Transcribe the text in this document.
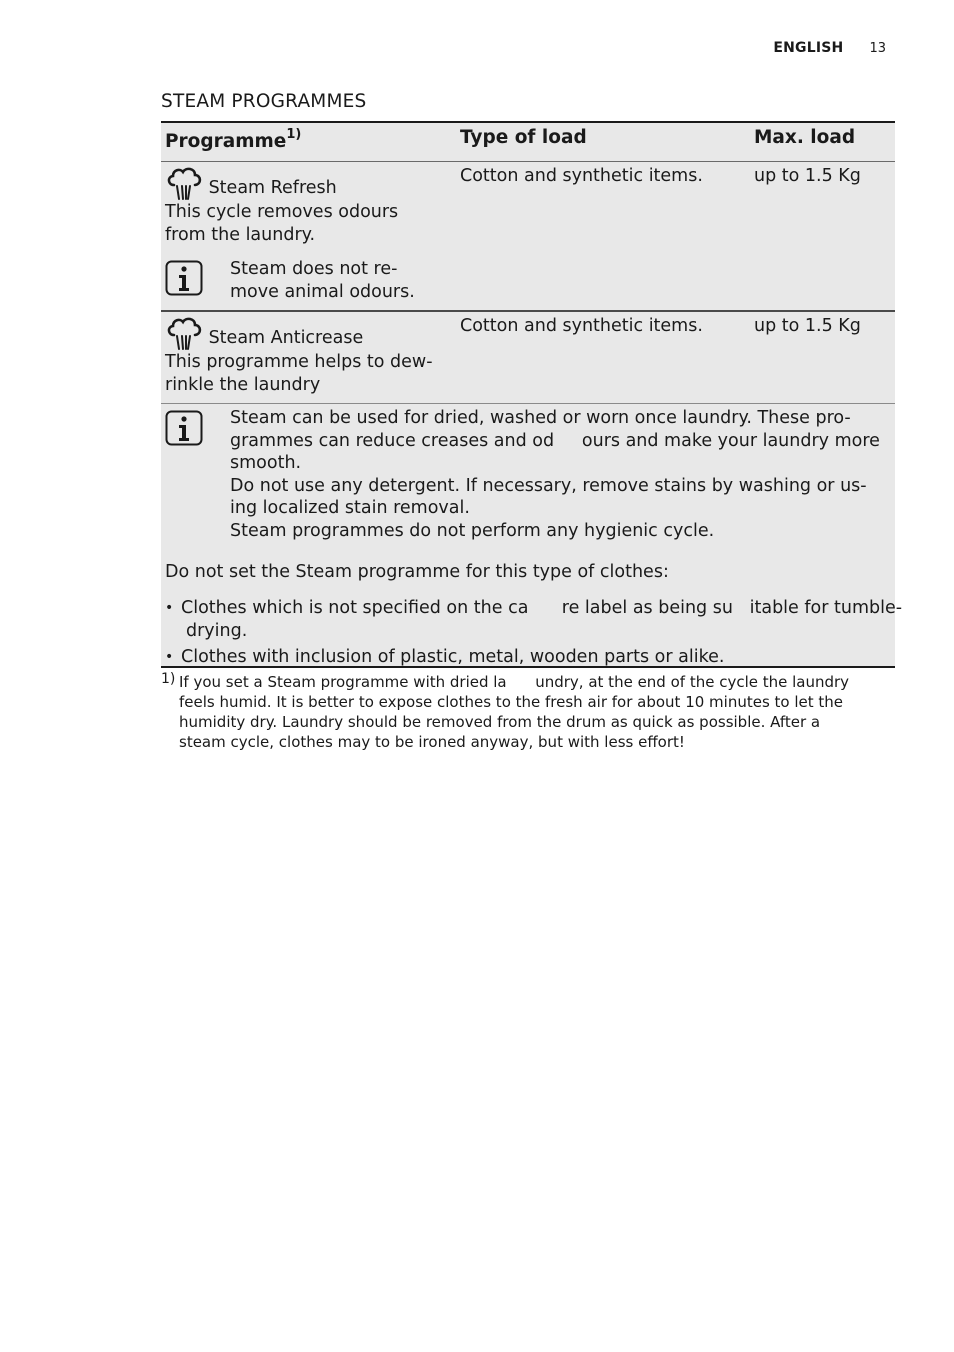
ENGLISH 13
STEAM PROGRAMMES
Programme$^{1)}$	Type of load	Max. load
Steam Refresh
This cycle removes odours
from the laundry.
Steam does not re-
move animal odours.
Cotton and synthetic items.	up to 1.5 Kg
Steam Anticrease
This programme helps to dew-
rinkle the laundry
Cotton and synthetic items.	up to 1.5 Kg
Steam can be used for dried, washed or worn once laundry. These pro-
grammes can reduce creases and od     ours and make your laundry more
smooth.
Do not use any detergent. If necessary, remove stains by washing or us-
ing localized stain removal.
Steam programmes do not perform any hygienic cycle.
Do not set the Steam programme for this type of clothes:
• Clothes which is not specified on the ca      re label as being su   itable for tumble-
drying.
• Clothes with inclusion of plastic, metal, wooden parts or alike.
1) If you set a Steam programme with dried la      undry, at the end of the cycle the laundry
feels humid. It is better to expose clothes to the fresh air for about 10 minutes to let the
humidity dry. Laundry should be removed from the drum as quick as possible. After a
steam cycle, clothes may to be ironed anyway, but with less effort!
